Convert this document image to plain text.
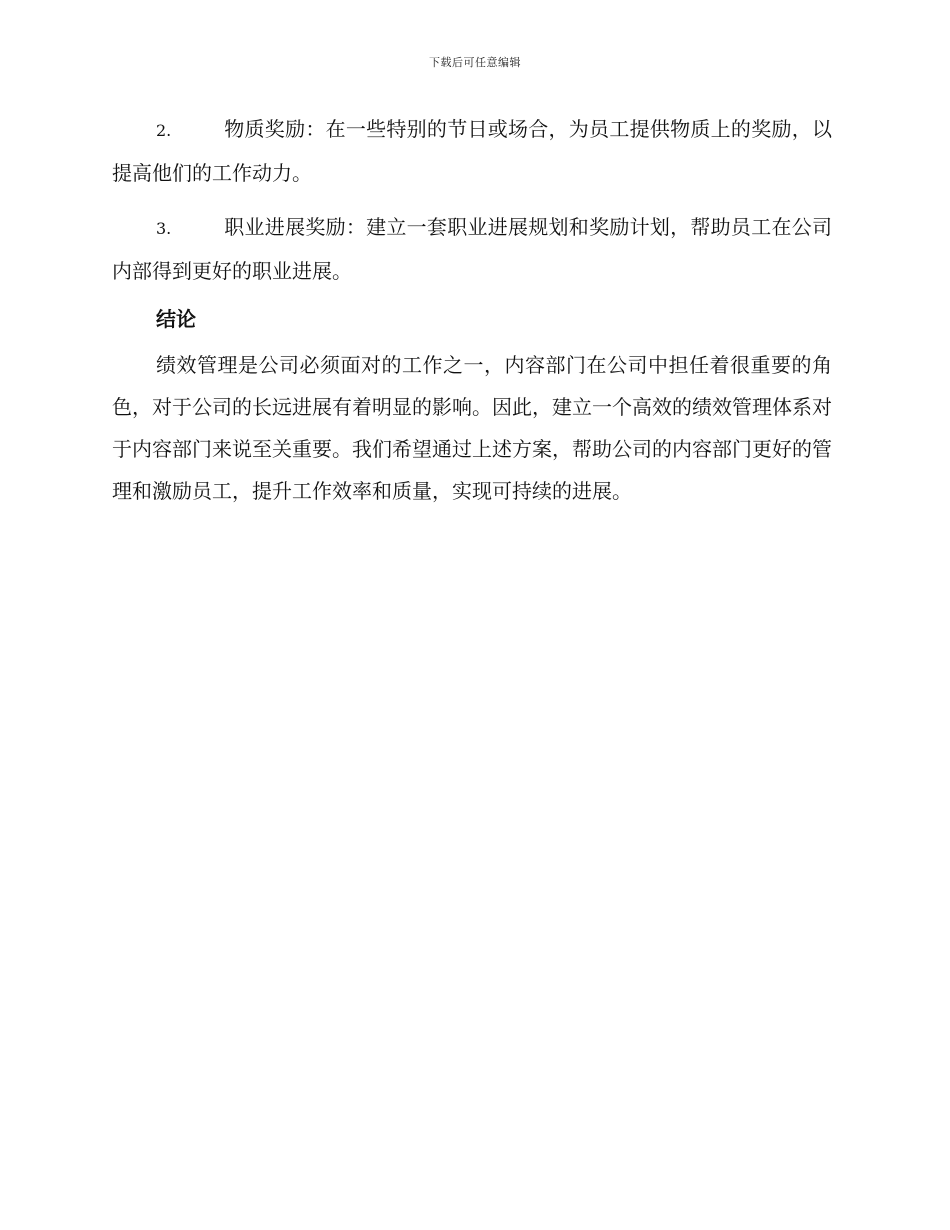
下载后可任意编辑
2.	物质奖励：在一些特别的节日或场合，为员工提供物质上的奖励，以提高他们的工作动力。
3.	职业进展奖励：建立一套职业进展规划和奖励计划，帮助员工在公司内部得到更好的职业进展。
结论

绩效管理是公司必须面对的工作之一，内容部门在公司中担任着很重要的角色，对于公司的长远进展有着明显的影响。因此，建立一个高效的绩效管理体系对于内容部门来说至关重要。我们希望通过上述方案，帮助公司的内容部门更好的管理和激励员工，提升工作效率和质量，实现可持续的进展。
